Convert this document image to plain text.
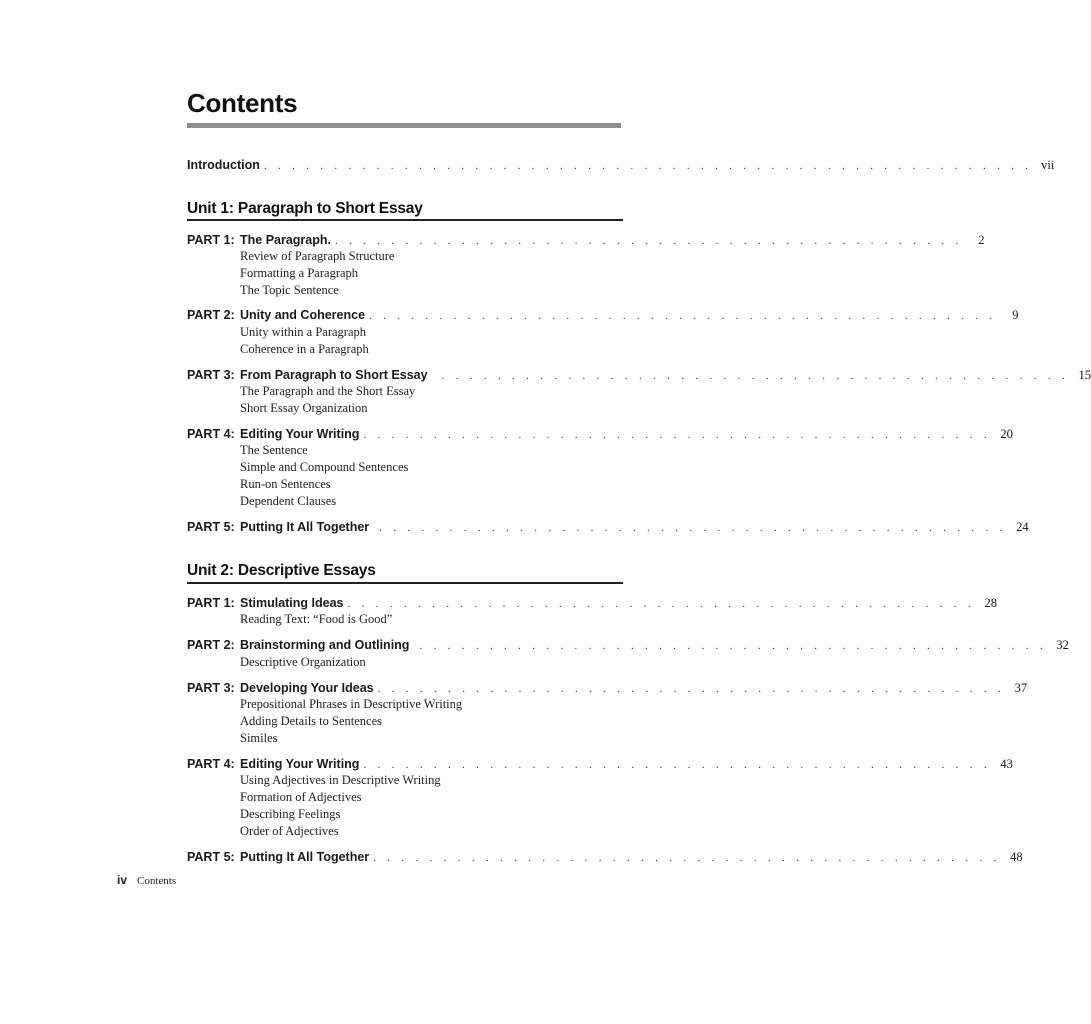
Contents
Introduction . . . . . . . . . . . . . . . . . . . . . . . . . . . . . . . . . . . . . . . . . . . . . . . . . . . . . . . vii
Unit 1: Paragraph to Short Essay
PART 1: The Paragraph. . . . . . . . . . . . . . . . . . . . . . . . . . . . . . . . . . . . . . . . . . . . . .	2
Review of Paragraph Structure
Formatting a Paragraph
The Topic Sentence
PART 2: Unity and Coherence . . . . . . . . . . . . . . . . . . . . . . . . . . . . . . . . . . . . . . . . . . . . .	9
Unity within a Paragraph
Coherence in a Paragraph
PART 3: From Paragraph to Short Essay . . . . . . . . . . . . . . . . . . . . . . . . . . . . . . . . . . . . . . . . . . . . . 15
The Paragraph and the Short Essay
Short Essay Organization
PART 4: Editing Your Writing . . . . . . . . . . . . . . . . . . . . . . . . . . . . . . . . . . . . . . . . . . . . . 20
The Sentence
Simple and Compound Sentences
Run-on Sentences
Dependent Clauses
PART 5: Putting It All Together . . . . . . . . . . . . . . . . . . . . . . . . . . . . . . . . . . . . . . . . . . . . . 24
Unit 2: Descriptive Essays
PART 1: Stimulating Ideas . . . . . . . . . . . . . . . . . . . . . . . . . . . . . . . . . . . . . . . . . . . . . 28
Reading Text: “Food is Good”
PART 2: Brainstorming and Outlining . . . . . . . . . . . . . . . . . . . . . . . . . . . . . . . . . . . . . . . . . . . . . 32
Descriptive Organization
PART 3: Developing Your Ideas . . . . . . . . . . . . . . . . . . . . . . . . . . . . . . . . . . . . . . . . . . . . . 37
Prepositional Phrases in Descriptive Writing
Adding Details to Sentences
Similes
PART 4: Editing Your Writing . . . . . . . . . . . . . . . . . . . . . . . . . . . . . . . . . . . . . . . . . . . . . 43
Using Adjectives in Descriptive Writing
Formation of Adjectives
Describing Feelings
Order of Adjectives
PART 5: Putting It All Together . . . . . . . . . . . . . . . . . . . . . . . . . . . . . . . . . . . . . . . . . . . . . 48
iv Contents
